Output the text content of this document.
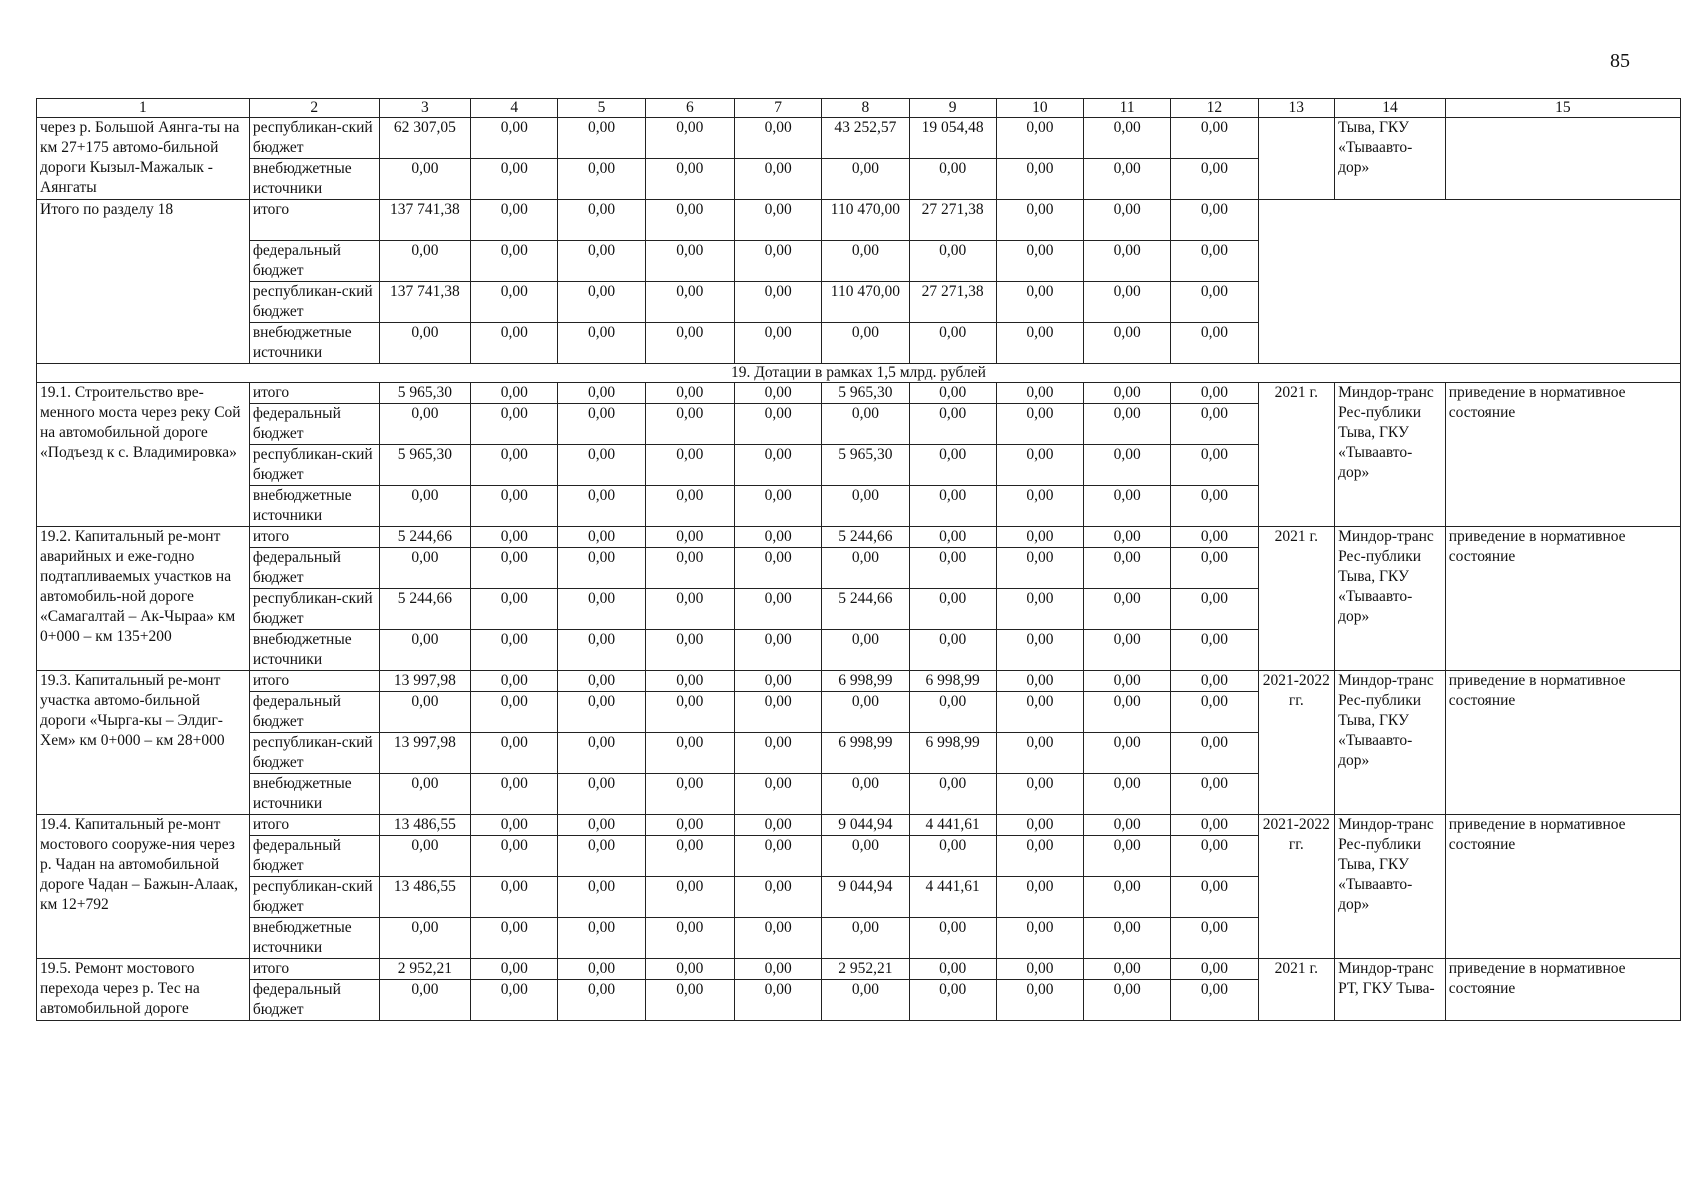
85
1	2	3	4	5	6	7	8	9	10	11	12	13	14	15
через р. Большой Аянга-ты на км 27+175 автомо-бильной дороги Кызыл-Мажалык - Аянгаты	республикан-ский бюджет	62 307,05	0,00	0,00	0,00	0,00	43 252,57	19 054,48	0,00	0,00	0,00		Тыва, ГКУ «Тываавто-дор»	
	внебюджетные источники	0,00	0,00	0,00	0,00	0,00	0,00	0,00	0,00	0,00	0,00			
Итого по разделу 18	итого	137 741,38	0,00	0,00	0,00	0,00	110 470,00	27 271,38	0,00	0,00	0,00			
	федеральный бюджет	0,00	0,00	0,00	0,00	0,00	0,00	0,00	0,00	0,00	0,00			
	республикан-ский бюджет	137 741,38	0,00	0,00	0,00	0,00	110 470,00	27 271,38	0,00	0,00	0,00			
	внебюджетные источники	0,00	0,00	0,00	0,00	0,00	0,00	0,00	0,00	0,00	0,00			
19. Дотации в рамках 1,5 млрд. рублей														
19.1. Строительство вре-менного моста через реку Сой на автомобильной дороге «Подъезд к с. Владимировка»	итого	5 965,30	0,00	0,00	0,00	0,00	5 965,30	0,00	0,00	0,00	0,00	2021 г.	Миндор-транс Рес-публики Тыва, ГКУ «Тываавто-дор»	приведение в нормативное состояние
	федеральный бюджет	0,00	0,00	0,00	0,00	0,00	0,00	0,00	0,00	0,00	0,00			
	республикан-ский бюджет	5 965,30	0,00	0,00	0,00	0,00	5 965,30	0,00	0,00	0,00	0,00			
	внебюджетные источники	0,00	0,00	0,00	0,00	0,00	0,00	0,00	0,00	0,00	0,00			
19.2. Капитальный ре-монт аварийных и еже-годно подтапливаемых участков на автомобиль-ной дороге «Самагалтай – Ак-Чыраа» км 0+000 – км 135+200	итого	5 244,66	0,00	0,00	0,00	0,00	5 244,66	0,00	0,00	0,00	0,00	2021 г.	Миндор-транс Рес-публики Тыва, ГКУ «Тываавто-дор»	приведение в нормативное состояние
	федеральный бюджет	0,00	0,00	0,00	0,00	0,00	0,00	0,00	0,00	0,00	0,00			
	республикан-ский бюджет	5 244,66	0,00	0,00	0,00	0,00	5 244,66	0,00	0,00	0,00	0,00			
	внебюджетные источники	0,00	0,00	0,00	0,00	0,00	0,00	0,00	0,00	0,00	0,00			
19.3. Капитальный ре-монт участка автомо-бильной дороги «Чырга-кы – Элдиг-Хем» км 0+000 – км 28+000	итого	13 997,98	0,00	0,00	0,00	0,00	6 998,99	6 998,99	0,00	0,00	0,00	2021-2022 гг.	Миндор-транс Рес-публики Тыва, ГКУ «Тываавто-дор»	приведение в нормативное состояние
	федеральный бюджет	0,00	0,00	0,00	0,00	0,00	0,00	0,00	0,00	0,00	0,00			
	республикан-ский бюджет	13 997,98	0,00	0,00	0,00	0,00	6 998,99	6 998,99	0,00	0,00	0,00			
	внебюджетные источники	0,00	0,00	0,00	0,00	0,00	0,00	0,00	0,00	0,00	0,00			
19.4. Капитальный ре-монт мостового сооруже-ния через р. Чадан на автомобильной дороге Чадан – Бажын-Алаак, км 12+792	итого	13 486,55	0,00	0,00	0,00	0,00	9 044,94	4 441,61	0,00	0,00	0,00	2021-2022 гг.	Миндор-транс Рес-публики Тыва, ГКУ «Тываавто-дор»	приведение в нормативное состояние
	федеральный бюджет	0,00	0,00	0,00	0,00	0,00	0,00	0,00	0,00	0,00	0,00			
	республикан-ский бюджет	13 486,55	0,00	0,00	0,00	0,00	9 044,94	4 441,61	0,00	0,00	0,00			
	внебюджетные источники	0,00	0,00	0,00	0,00	0,00	0,00	0,00	0,00	0,00	0,00			
19.5. Ремонт мостового перехода через р. Тес на автомобильной дороге	итого	2 952,21	0,00	0,00	0,00	0,00	2 952,21	0,00	0,00	0,00	0,00	2021 г.	Миндор-транс РТ, ГКУ Тыва-	приведение в нормативное состояние
	федеральный бюджет	0,00	0,00	0,00	0,00	0,00	0,00	0,00	0,00	0,00	0,00			
